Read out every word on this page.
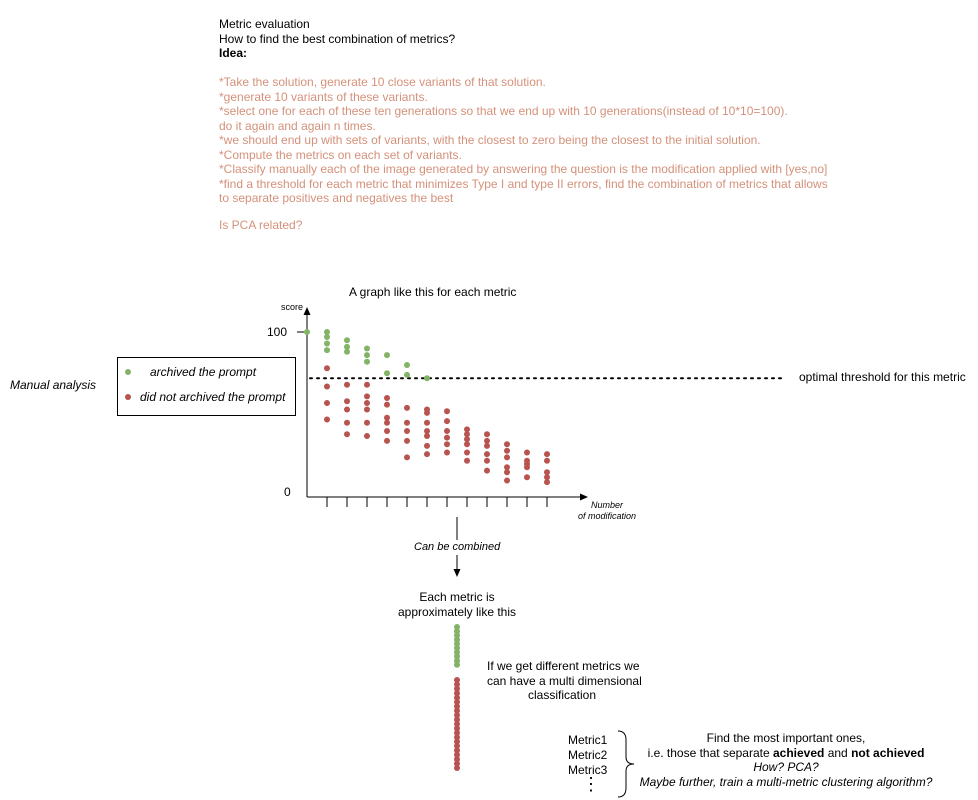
Metric evaluation
How to find the best combination of metrics?
Idea:
*Take the solution, generate 10 close variants of that solution.
*generate 10 variants of these variants.
*select one for each of these ten generations so that we end up with 10 generations(instead of 10*10=100).
do it again and again n times.
*we should end up with sets of variants, with the closest to zero being the closest to the initial solution.
*Compute the metrics on each set of variants.
*Classify manually each of the image generated by answering the question is the modification applied with [yes,no]
*find a threshold for each metric that minimizes Type I and type II errors, find the combination of metrics that allows
to separate positives and negatives the best
Is PCA related?
A graph like this for each metric
Manual analysis
archived the prompt
did not archived the prompt
optimal threshold for this metric
score
100
0
Number
of modification
Can be combined
Each metric is
approximately like this
If we get different metrics we
can have a multi dimensional
classification
Metric1
Metric2
Metric3
⋮
Find the most important ones,
i.e. those that separate achieved and not achieved
How? PCA?
Maybe further, train a multi-metric clustering algorithm?
